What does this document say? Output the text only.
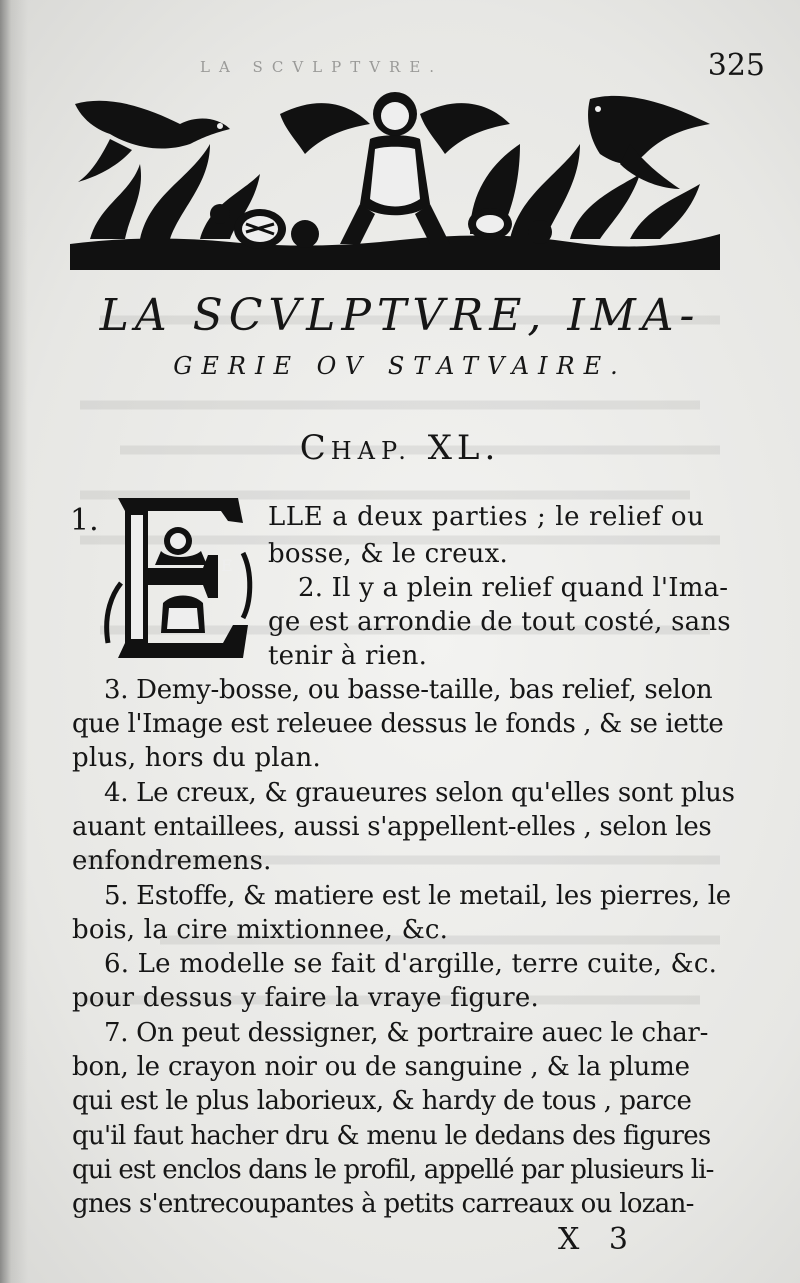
LA SCVLPTVRE.	325
LA SCVLPTVRE, IMA-
GERIE OV STATVAIRE.
CHAP. XL.
1.
E
LLE a deux parties ; le relief ou
bosse, & le creux.
2. Il y a plein relief quand l'Ima-
ge est arrondie de tout costé, sans
tenir à rien.
3. Demy-bosse, ou basse-taille, bas relief, selon
que l'Image est releuee dessus le fonds , & se iette
plus, hors du plan.
4. Le creux, & graueures selon qu'elles sont plus
auant entaillees, aussi s'appellent-elles , selon les
enfondremens.
5. Estoffe, & matiere est le metail, les pierres, le
bois, la cire mixtionnee, &c.
6. Le modelle se fait d'argille, terre cuite, &c.
pour dessus y faire la vraye figure.
7. On peut dessigner, & portraire auec le char-
bon, le crayon noir ou de sanguine , & la plume
qui est le plus laborieux, & hardy de tous , parce
qu'il faut hacher dru & menu le dedans des figures
qui est enclos dans le profil, appellé par plusieurs li-
gnes s'entrecoupantes à petits carreaux ou lozan-
X 3
